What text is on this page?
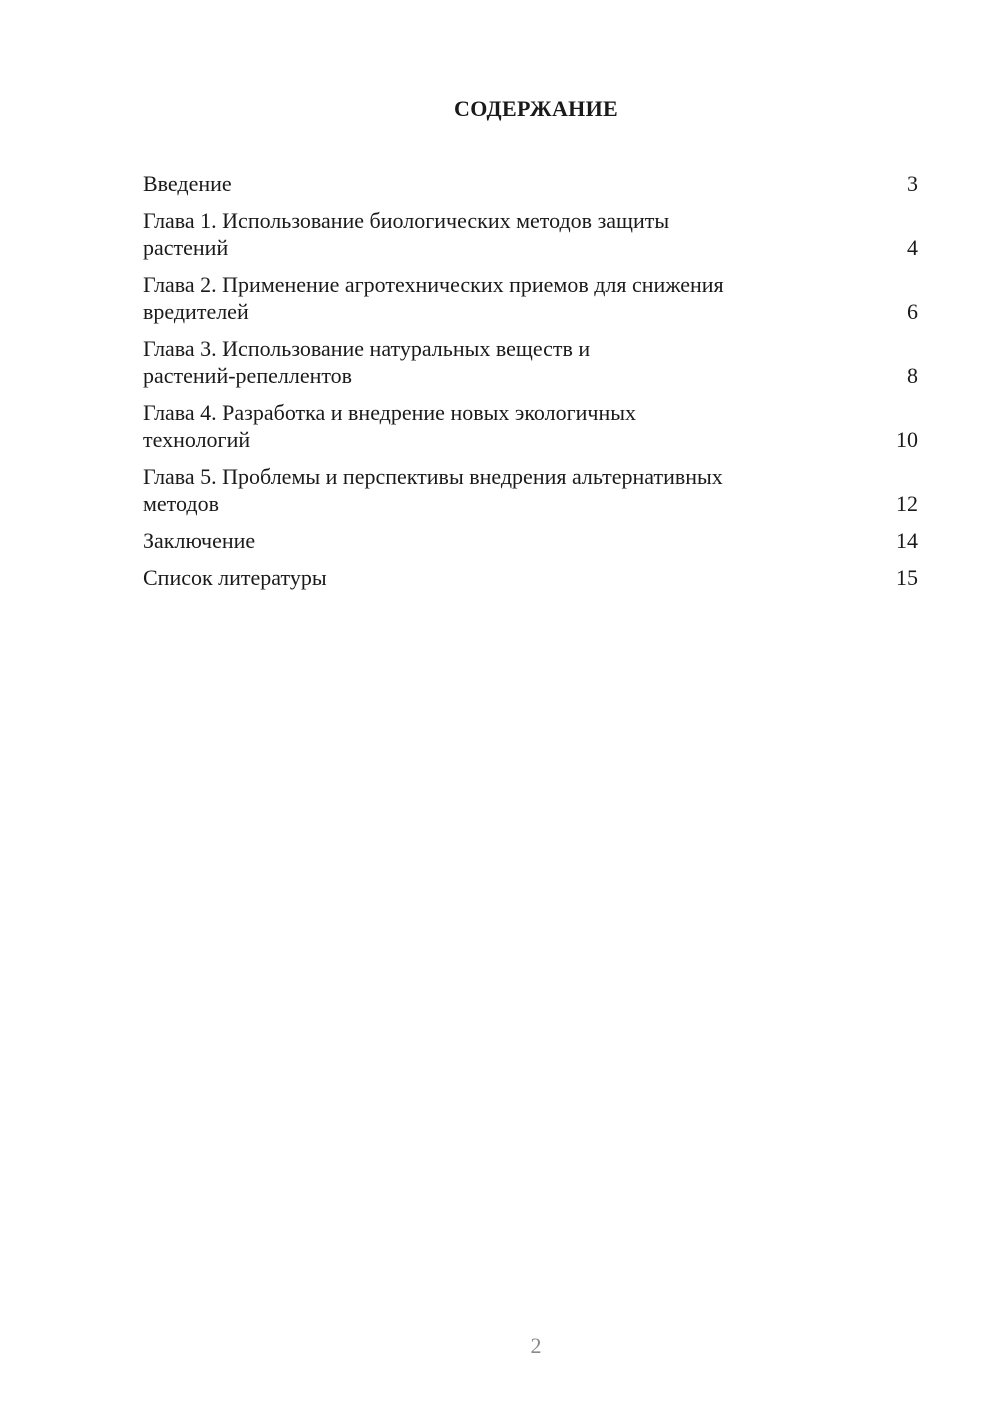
СОДЕРЖАНИЕ
Введение	3
Глава 1. Использование биологических методов защиты
растений	4
Глава 2. Применение агротехнических приемов для снижения
вредителей	6
Глава 3. Использование натуральных веществ и
растений-репеллентов	8
Глава 4. Разработка и внедрение новых экологичных
технологий	10
Глава 5. Проблемы и перспективы внедрения альтернативных
методов	12
Заключение	14
Список литературы	15
2
